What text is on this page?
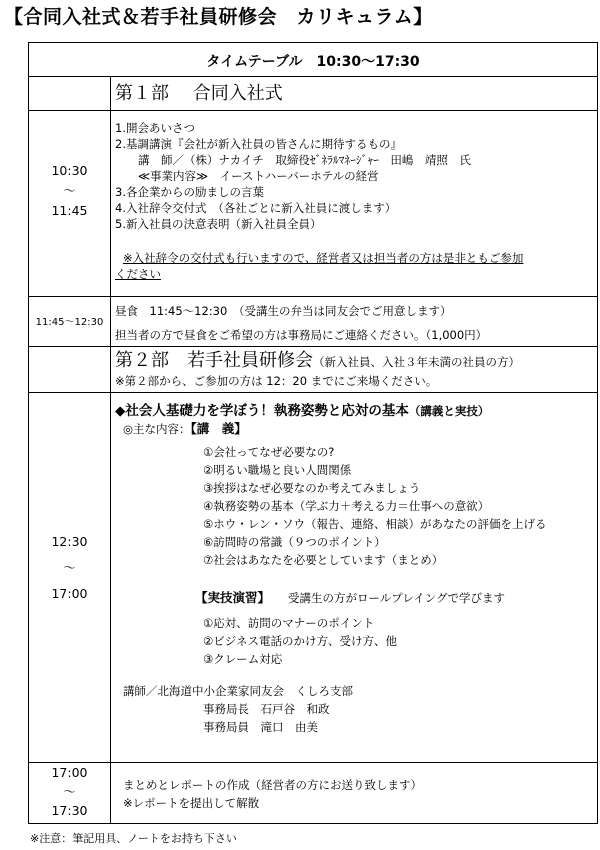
【合同入社式＆若手社員研修会　カリキュラム】
タイムテーブル　10:30～17:30
第１部　 合同入社式
10:30
～
11:45
1.開会あいさつ
2.基調講演『会社が新入社員の皆さんに期待するもの』
　　講　師／（株）ナカイチ　取締役ｾﾞﾈﾗﾙﾏﾈｰｼﾞｬｰ　田嶋　靖照　氏
　　≪事業内容≫　イーストハーバーホテルの経営
3.各企業からの励ましの言葉
4.入社辞令交付式　（各社ごとに新入社員に渡します）
5.新入社員の決意表明（新入社員全員）
※入社辞令の交付式も行いますので、経営者又は担当者の方は是非ともご参加
ください
11:45～12:30
昼食　11:45～12:30　（受講生の弁当は同友会でご用意します）
担当者の方で昼食をご希望の方は事務局にご連絡ください。（1,000円）
第２部　若手社員研修会（新入社員、入社３年未満の社員の方）
※第２部から、ご参加の方は 12：20 までにご来場ください。
12:30
～
17:00
◆社会人基礎力を学ぼう！執務姿勢と応対の基本（講義と実技）
◎主な内容：【講　義】
①会社ってなぜ必要なの?
②明るい職場と良い人間関係
③挨拶はなぜ必要なのか考えてみましょう
④執務姿勢の基本（学ぶ力＋考える力＝仕事への意欲）
⑤ホウ・レン・ソウ（報告、連絡、相談）があなたの評価を上げる
⑥訪問時の常識（９つのポイント）
⑦社会はあなたを必要としています（まとめ）
【実技演習】 受講生の方がロールプレイングで学びます
①応対、訪問のマナーのポイント
②ビジネス電話のかけ方、受け方、他
③クレーム対応
講師／北海道中小企業家同友会　くしろ支部
事務局長　石戸谷　和政
事務局員　滝口　由美
17:00
～
17:30
まとめとレポートの作成（経営者の方にお送り致します）
※レポートを提出して解散
※注意：筆記用具、ノートをお持ち下さい
